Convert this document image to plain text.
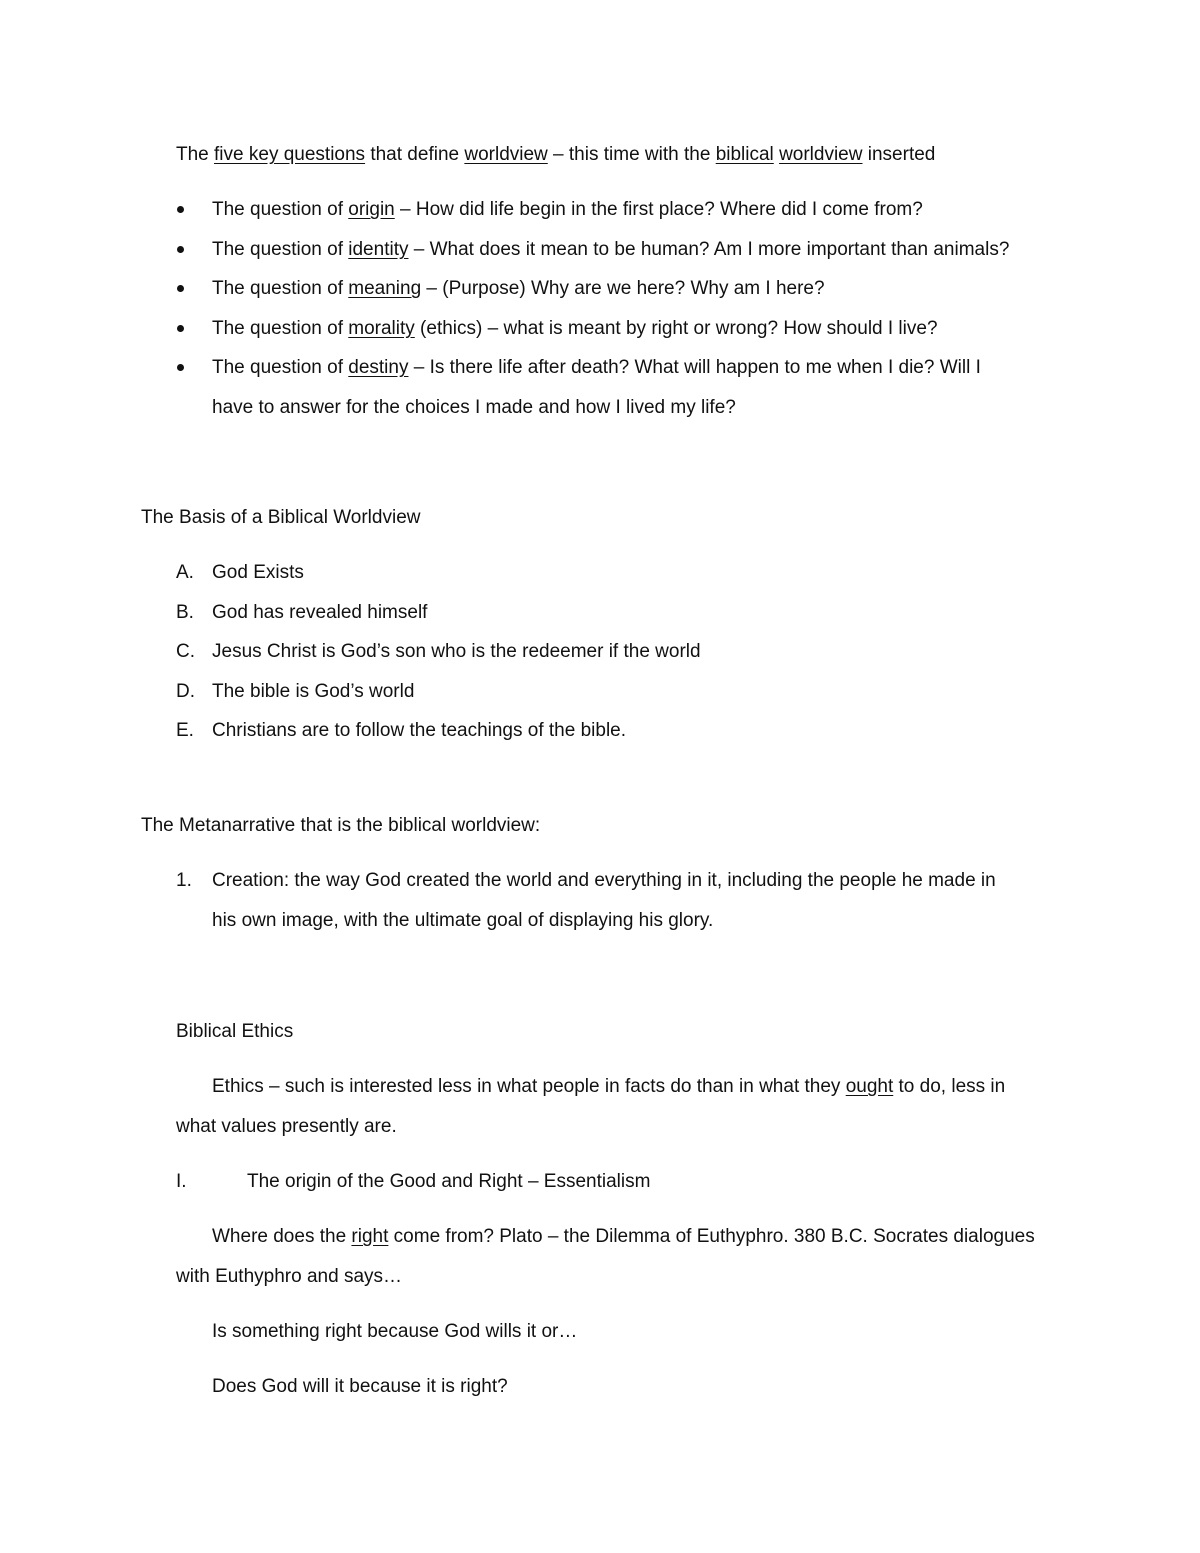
The five key questions that define worldview – this time with the biblical worldview inserted
The question of origin – How did life begin in the first place? Where did I come from?
The question of identity – What does it mean to be human? Am I more important than animals?
The question of meaning – (Purpose) Why are we here? Why am I here?
The question of morality (ethics) – what is meant by right or wrong? How should I live?
The question of destiny – Is there life after death? What will happen to me when I die? Will I
have to answer for the choices I made and how I lived my life?
The Basis of a Biblical Worldview
A. God Exists
B. God has revealed himself
C. Jesus Christ is God’s son who is the redeemer if the world
D. The bible is God’s world
E. Christians are to follow the teachings of the bible.
The Metanarrative that is the biblical worldview:
1. Creation: the way God created the world and everything in it, including the people he made in
his own image, with the ultimate goal of displaying his glory.
Biblical Ethics
Ethics – such is interested less in what people in facts do than in what they ought to do, less in
what values presently are.
I.	The origin of the Good and Right – Essentialism
Where does the right come from? Plato – the Dilemma of Euthyphro. 380 B.C. Socrates dialogues
with Euthyphro and says…
Is something right because God wills it or…
Does God will it because it is right?
